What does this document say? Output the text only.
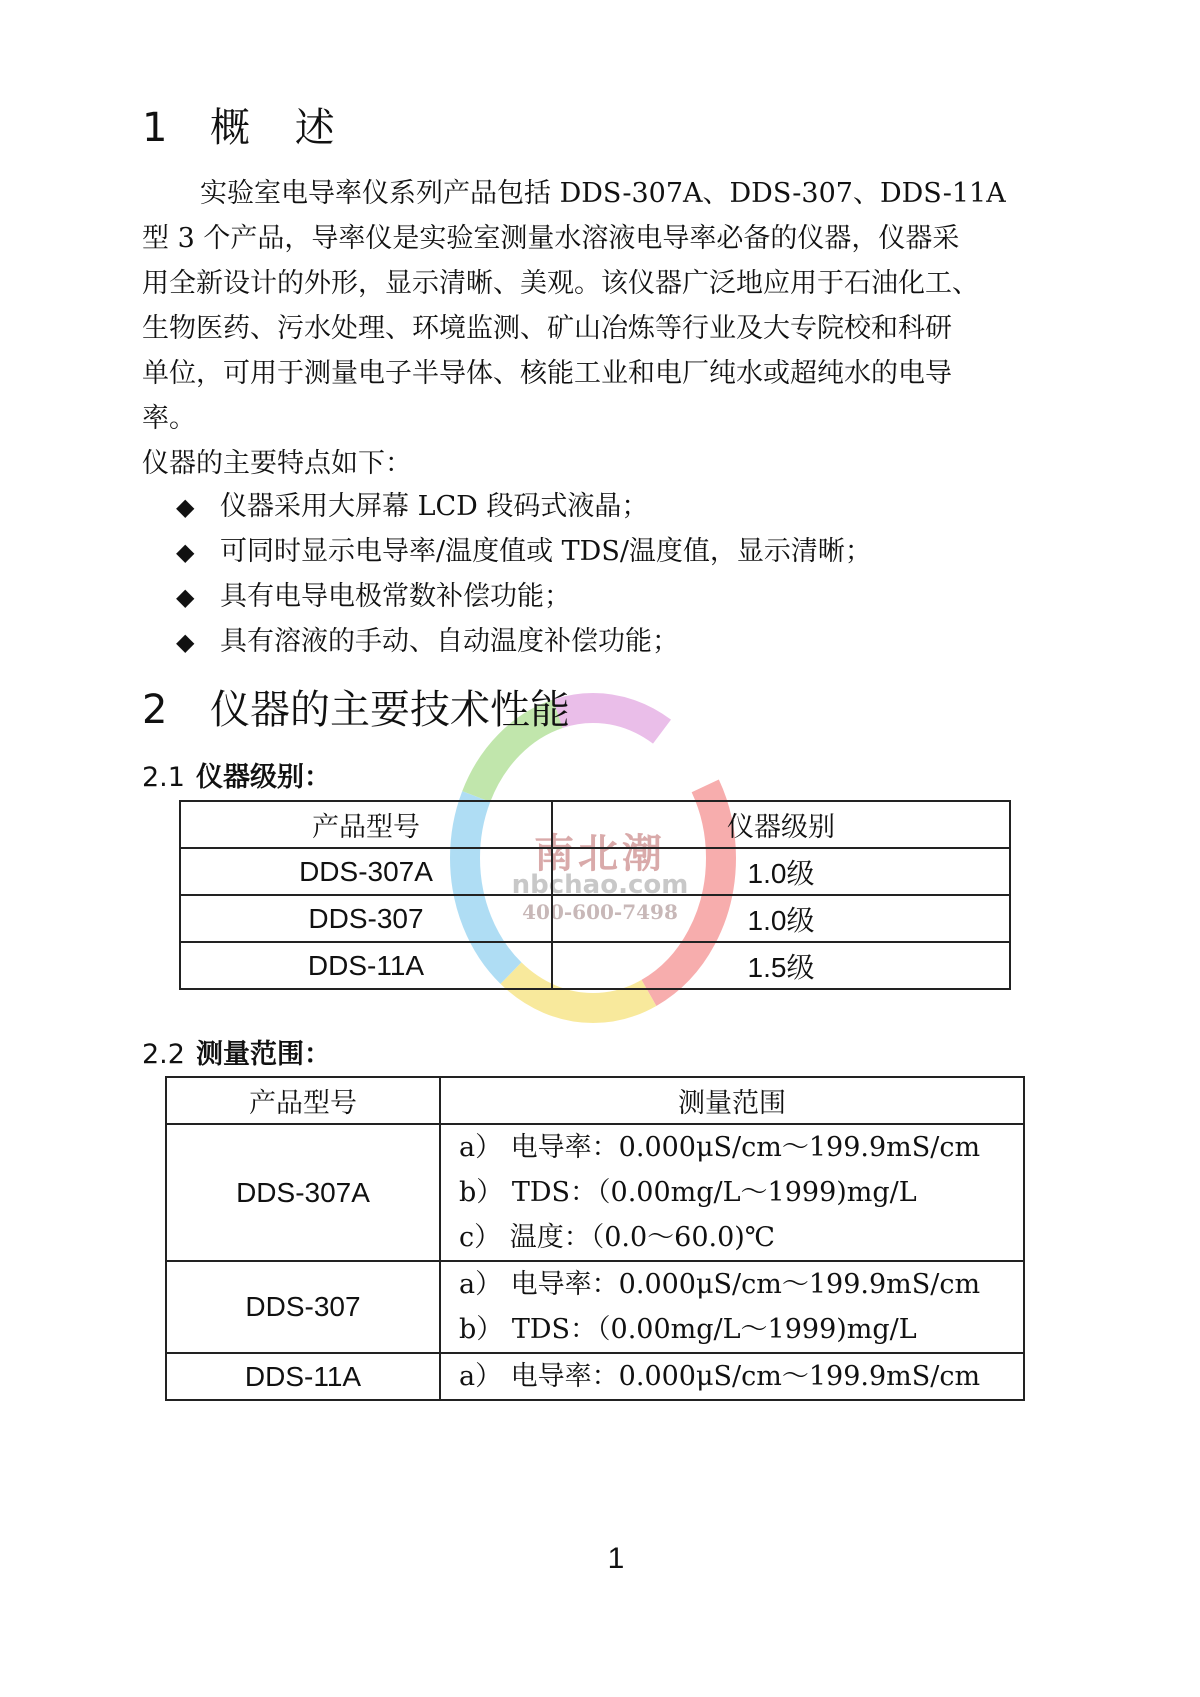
南北潮
nbchao.com
400-600-7498
1 概 述
实验室电导率仪系列产品包括 DDS-307A、DDS-307、DDS-11A
型 3 个产品，导率仪是实验室测量水溶液电导率必备的仪器，仪器采
用全新设计的外形，显示清晰、美观。该仪器广泛地应用于石油化工、
生物医药、污水处理、环境监测、矿山冶炼等行业及大专院校和科研
单位，可用于测量电子半导体、核能工业和电厂纯水或超纯水的电导
率。
仪器的主要特点如下：
◆ 仪器采用大屏幕 LCD 段码式液晶；
◆ 可同时显示电导率/温度值或 TDS/温度值，显示清晰；
◆ 具有电导电极常数补偿功能；
◆ 具有溶液的手动、自动温度补偿功能；
2 仪器的主要技术性能
2.1 仪器级别：
产品型号	仪器级别
DDS-307A	1.0级
DDS-307	1.0级
DDS-11A	1.5级
2.2 测量范围：
产品型号	测量范围
DDS-307A	a） 电导率：0.000μS/cm～199.9mS/cm
b） TDS：（0.00mg/L～1999)mg/L
c） 温度：（0.0～60.0)℃

DDS-307	a） 电导率：0.000μS/cm～199.9mS/cm
b） TDS：（0.00mg/L～1999)mg/L

DDS-11A	a） 电导率：0.000μS/cm～199.9mS/cm
1
